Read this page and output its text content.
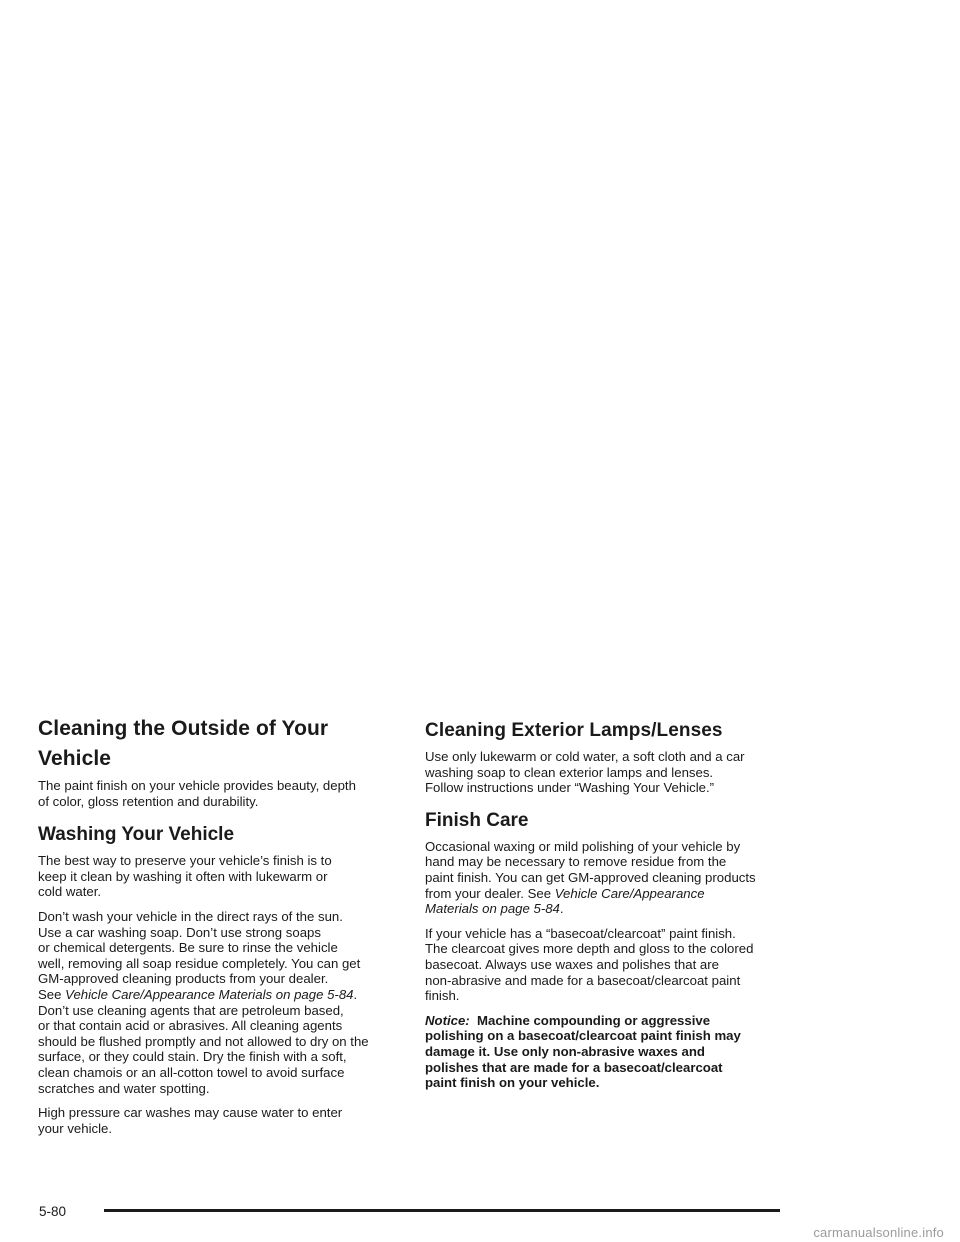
Cleaning the Outside of Your
Vehicle

The paint finish on your vehicle provides beauty, depth
of color, gloss retention and durability.

Washing Your Vehicle

The best way to preserve your vehicle’s finish is to
keep it clean by washing it often with lukewarm or
cold water.

Don’t wash your vehicle in the direct rays of the sun.
Use a car washing soap. Don’t use strong soaps
or chemical detergents. Be sure to rinse the vehicle
well, removing all soap residue completely. You can get
GM-approved cleaning products from your dealer.
See Vehicle Care/Appearance Materials on page 5-84.
Don’t use cleaning agents that are petroleum based,
or that contain acid or abrasives. All cleaning agents
should be flushed promptly and not allowed to dry on the
surface, or they could stain. Dry the finish with a soft,
clean chamois or an all-cotton towel to avoid surface
scratches and water spotting.

High pressure car washes may cause water to enter
your vehicle.

Cleaning Exterior Lamps/Lenses

Use only lukewarm or cold water, a soft cloth and a car
washing soap to clean exterior lamps and lenses.
Follow instructions under “Washing Your Vehicle.”

Finish Care

Occasional waxing or mild polishing of your vehicle by
hand may be necessary to remove residue from the
paint finish. You can get GM-approved cleaning products
from your dealer. See Vehicle Care/Appearance
Materials on page 5-84.

If your vehicle has a “basecoat/clearcoat” paint finish.
The clearcoat gives more depth and gloss to the colored
basecoat. Always use waxes and polishes that are
non-abrasive and made for a basecoat/clearcoat paint
finish.

Notice: Machine compounding or aggressive
polishing on a basecoat/clearcoat paint finish may
damage it. Use only non-abrasive waxes and
polishes that are made for a basecoat/clearcoat
paint finish on your vehicle.

5-80
carmanualsonline.info
